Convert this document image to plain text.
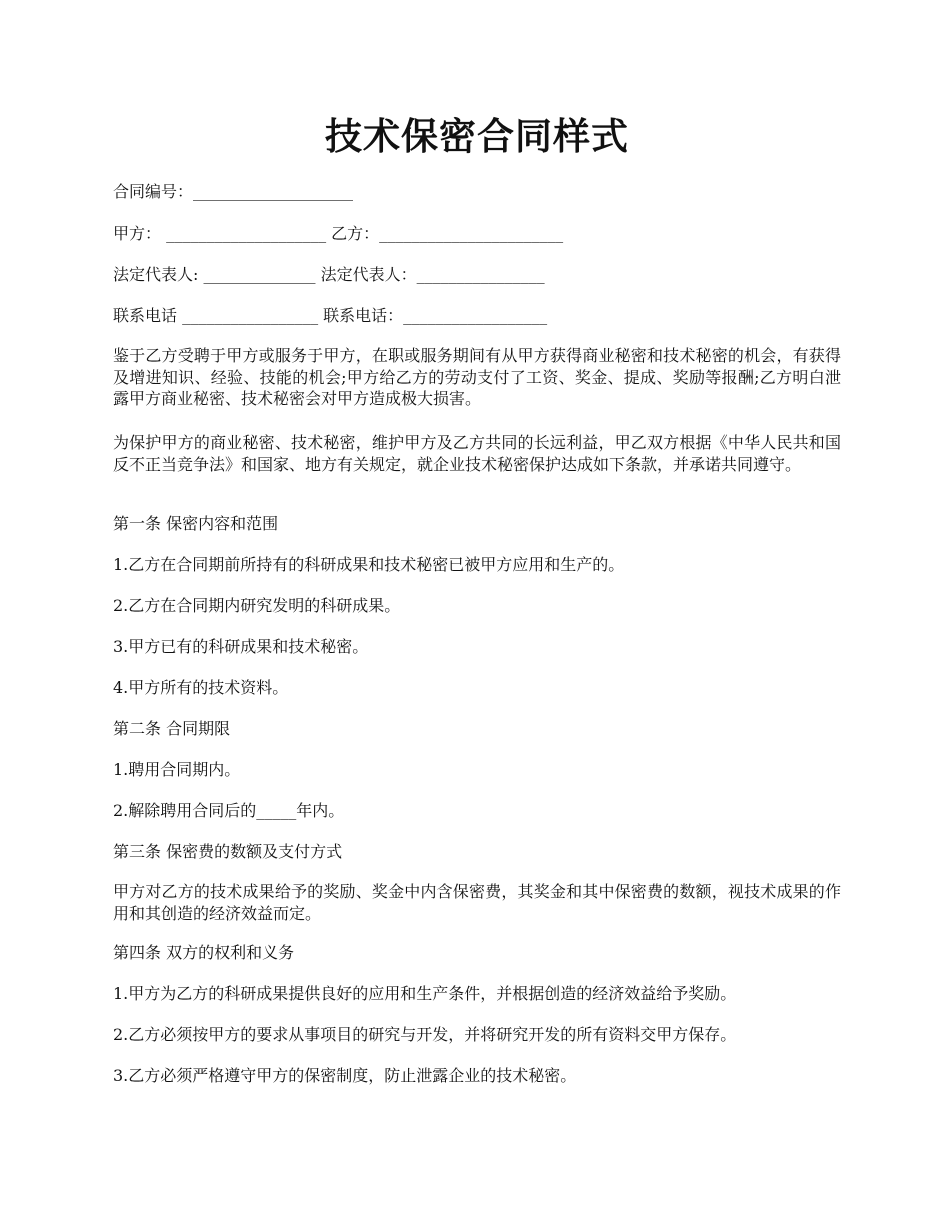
技术保密合同样式

合同编号：____________________

甲方： ____________________ 乙方：_______________________

法定代表人: ______________ 法定代表人：________________

联系电话 _________________ 联系电话：__________________

鉴于乙方受聘于甲方或服务于甲方，在职或服务期间有从甲方获得商业秘密和技术秘密的机会，有获得及增进知识、经验、技能的机会;甲方给乙方的劳动支付了工资、奖金、提成、奖励等报酬;乙方明白泄露甲方商业秘密、技术秘密会对甲方造成极大损害。

为保护甲方的商业秘密、技术秘密，维护甲方及乙方共同的长远利益，甲乙双方根据《中华人民共和国反不正当竞争法》和国家、地方有关规定，就企业技术秘密保护达成如下条款，并承诺共同遵守。

第一条 保密内容和范围

1.乙方在合同期前所持有的科研成果和技术秘密已被甲方应用和生产的。

2.乙方在合同期内研究发明的科研成果。

3.甲方已有的科研成果和技术秘密。

4.甲方所有的技术资料。

第二条 合同期限

1.聘用合同期内。

2.解除聘用合同后的_____年内。

第三条 保密费的数额及支付方式

甲方对乙方的技术成果给予的奖励、奖金中内含保密费，其奖金和其中保密费的数额，视技术成果的作用和其创造的经济效益而定。

第四条 双方的权利和义务

1.甲方为乙方的科研成果提供良好的应用和生产条件，并根据创造的经济效益给予奖励。

2.乙方必须按甲方的要求从事项目的研究与开发，并将研究开发的所有资料交甲方保存。

3.乙方必须严格遵守甲方的保密制度，防止泄露企业的技术秘密。
